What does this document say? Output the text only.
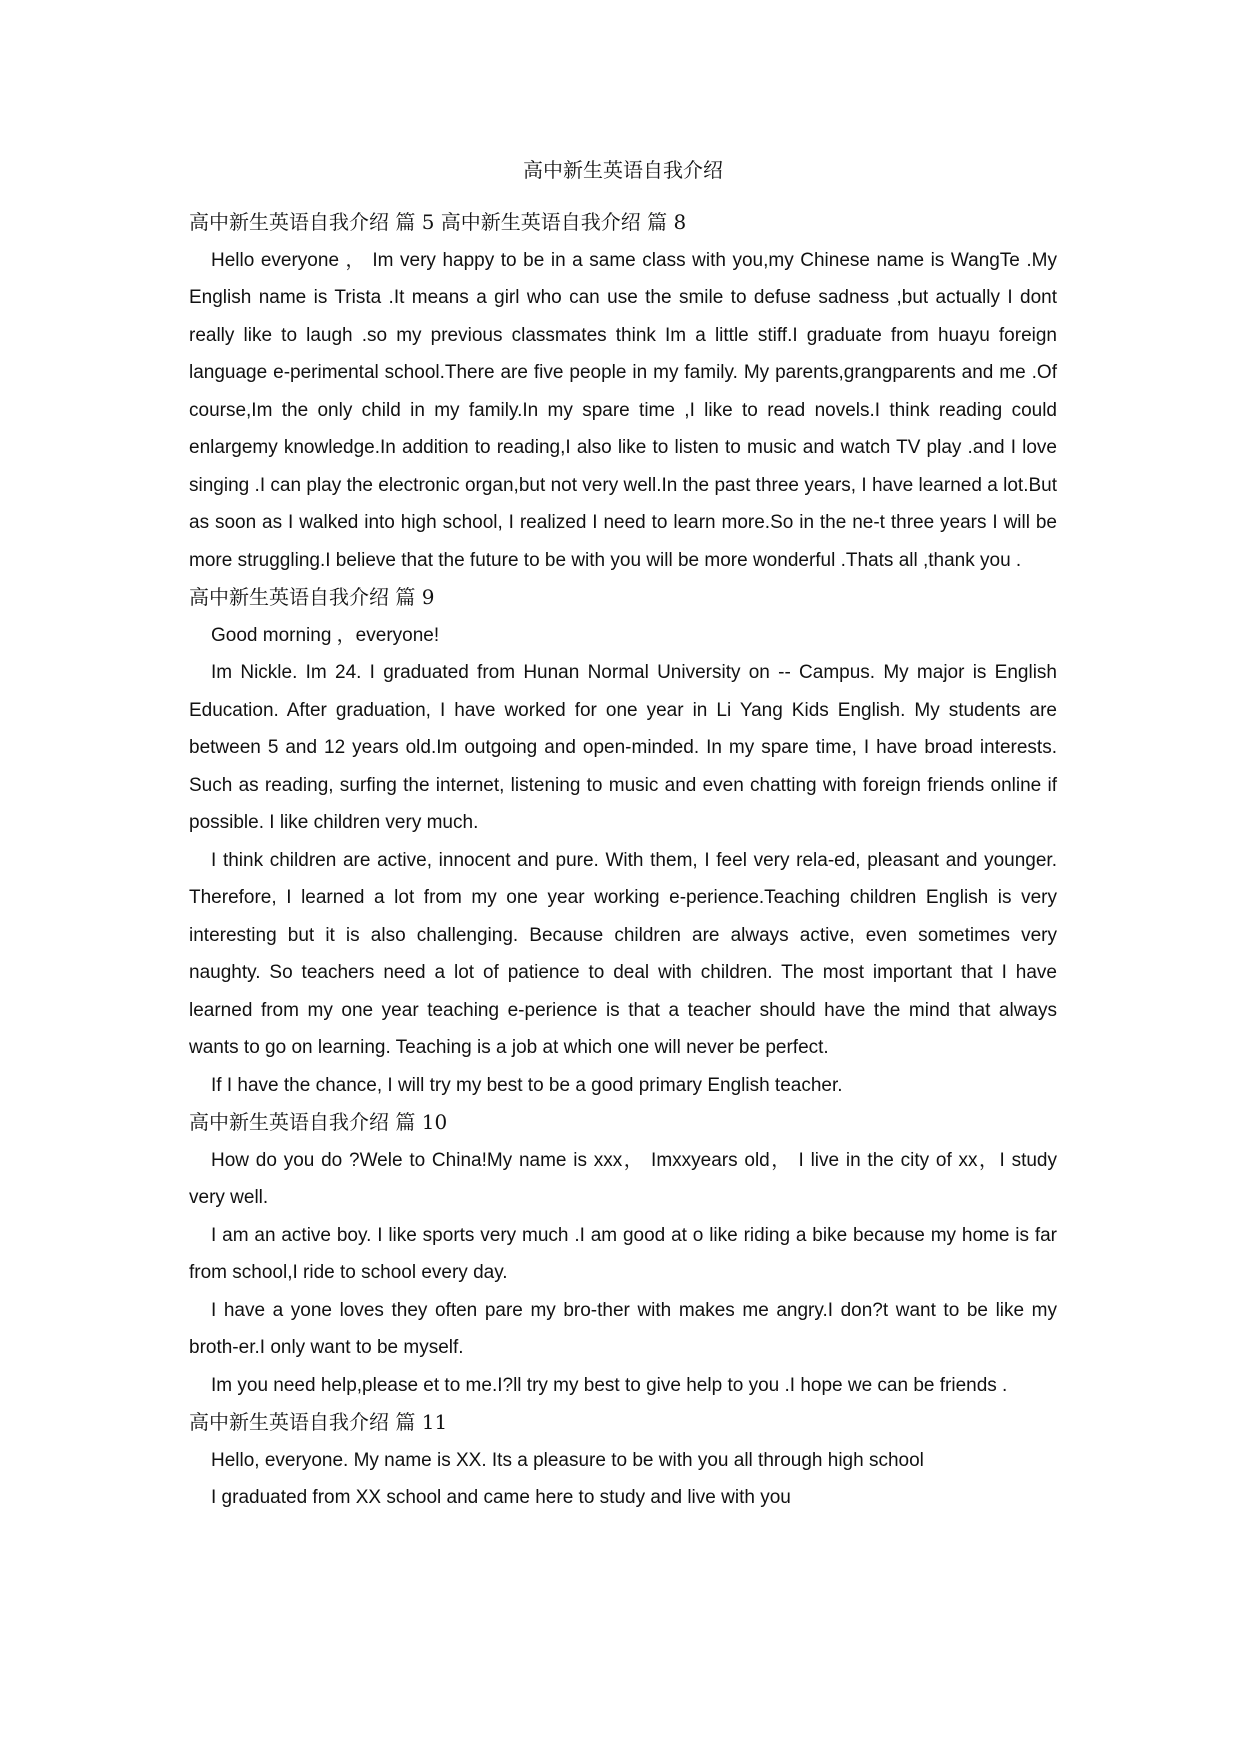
高中新生英语自我介绍
高中新生英语自我介绍 篇 5 高中新生英语自我介绍 篇 8

Hello everyone ， Im very happy to be in a same class with you,my Chinese name is WangTe .My English name is Trista .It means a girl who can use the smile to defuse sadness ,but actually I dont really like to laugh .so my previous classmates think Im a little stiff.I graduate from huayu foreign language e-perimental school.There are five people in my family. My parents,grangparents and me .Of course,Im the only child in my family.In my spare time ,I like to read novels.I think reading could enlargemy knowledge.In addition to reading,I also like to listen to music and watch TV play .and I love singing .I can play the electronic organ,but not very well.In the past three years, I have learned a lot.But as soon as I walked into high school, I realized I need to learn more.So in the ne-t three years I will be more struggling.I believe that the future to be with you will be more wonderful .Thats all ,thank you .

高中新生英语自我介绍 篇 9

Good morning ，everyone!

Im Nickle. Im 24. I graduated from Hunan Normal University on -- Campus. My major is English Education. After graduation, I have worked for one year in Li Yang Kids English. My students are between 5 and 12 years old.Im outgoing and open-minded. In my spare time, I have broad interests. Such as reading, surfing the internet, listening to music and even chatting with foreign friends online if possible. I like children very much.

I think children are active, innocent and pure. With them, I feel very rela-ed, pleasant and younger. Therefore, I learned a lot from my one year working e-perience.Teaching children English is very interesting but it is also challenging. Because children are always active, even sometimes very naughty. So teachers need a lot of patience to deal with children. The most important that I have learned from my one year teaching e-perience is that a teacher should have the mind that always wants to go on learning. Teaching is a job at which one will never be perfect.

If I have the chance, I will try my best to be a good primary English teacher.

高中新生英语自我介绍 篇 10

How do you do ?Wele to China!My name is xxx， Imxxyears old， I live in the city of xx，I study very well.

I am an active boy. I like sports very much .I am good at o like riding a bike because my home is far from school,I ride to school every day.

I have a yone loves they often pare my bro-ther with makes me angry.I don?t want to be like my broth-er.I only want to be myself.

Im you need help,please et to me.I?ll try my best to give help to you .I hope we can be friends .

高中新生英语自我介绍 篇 11

Hello, everyone. My name is XX. Its a pleasure to be with you all through high school

I graduated from XX school and came here to study and live with you
